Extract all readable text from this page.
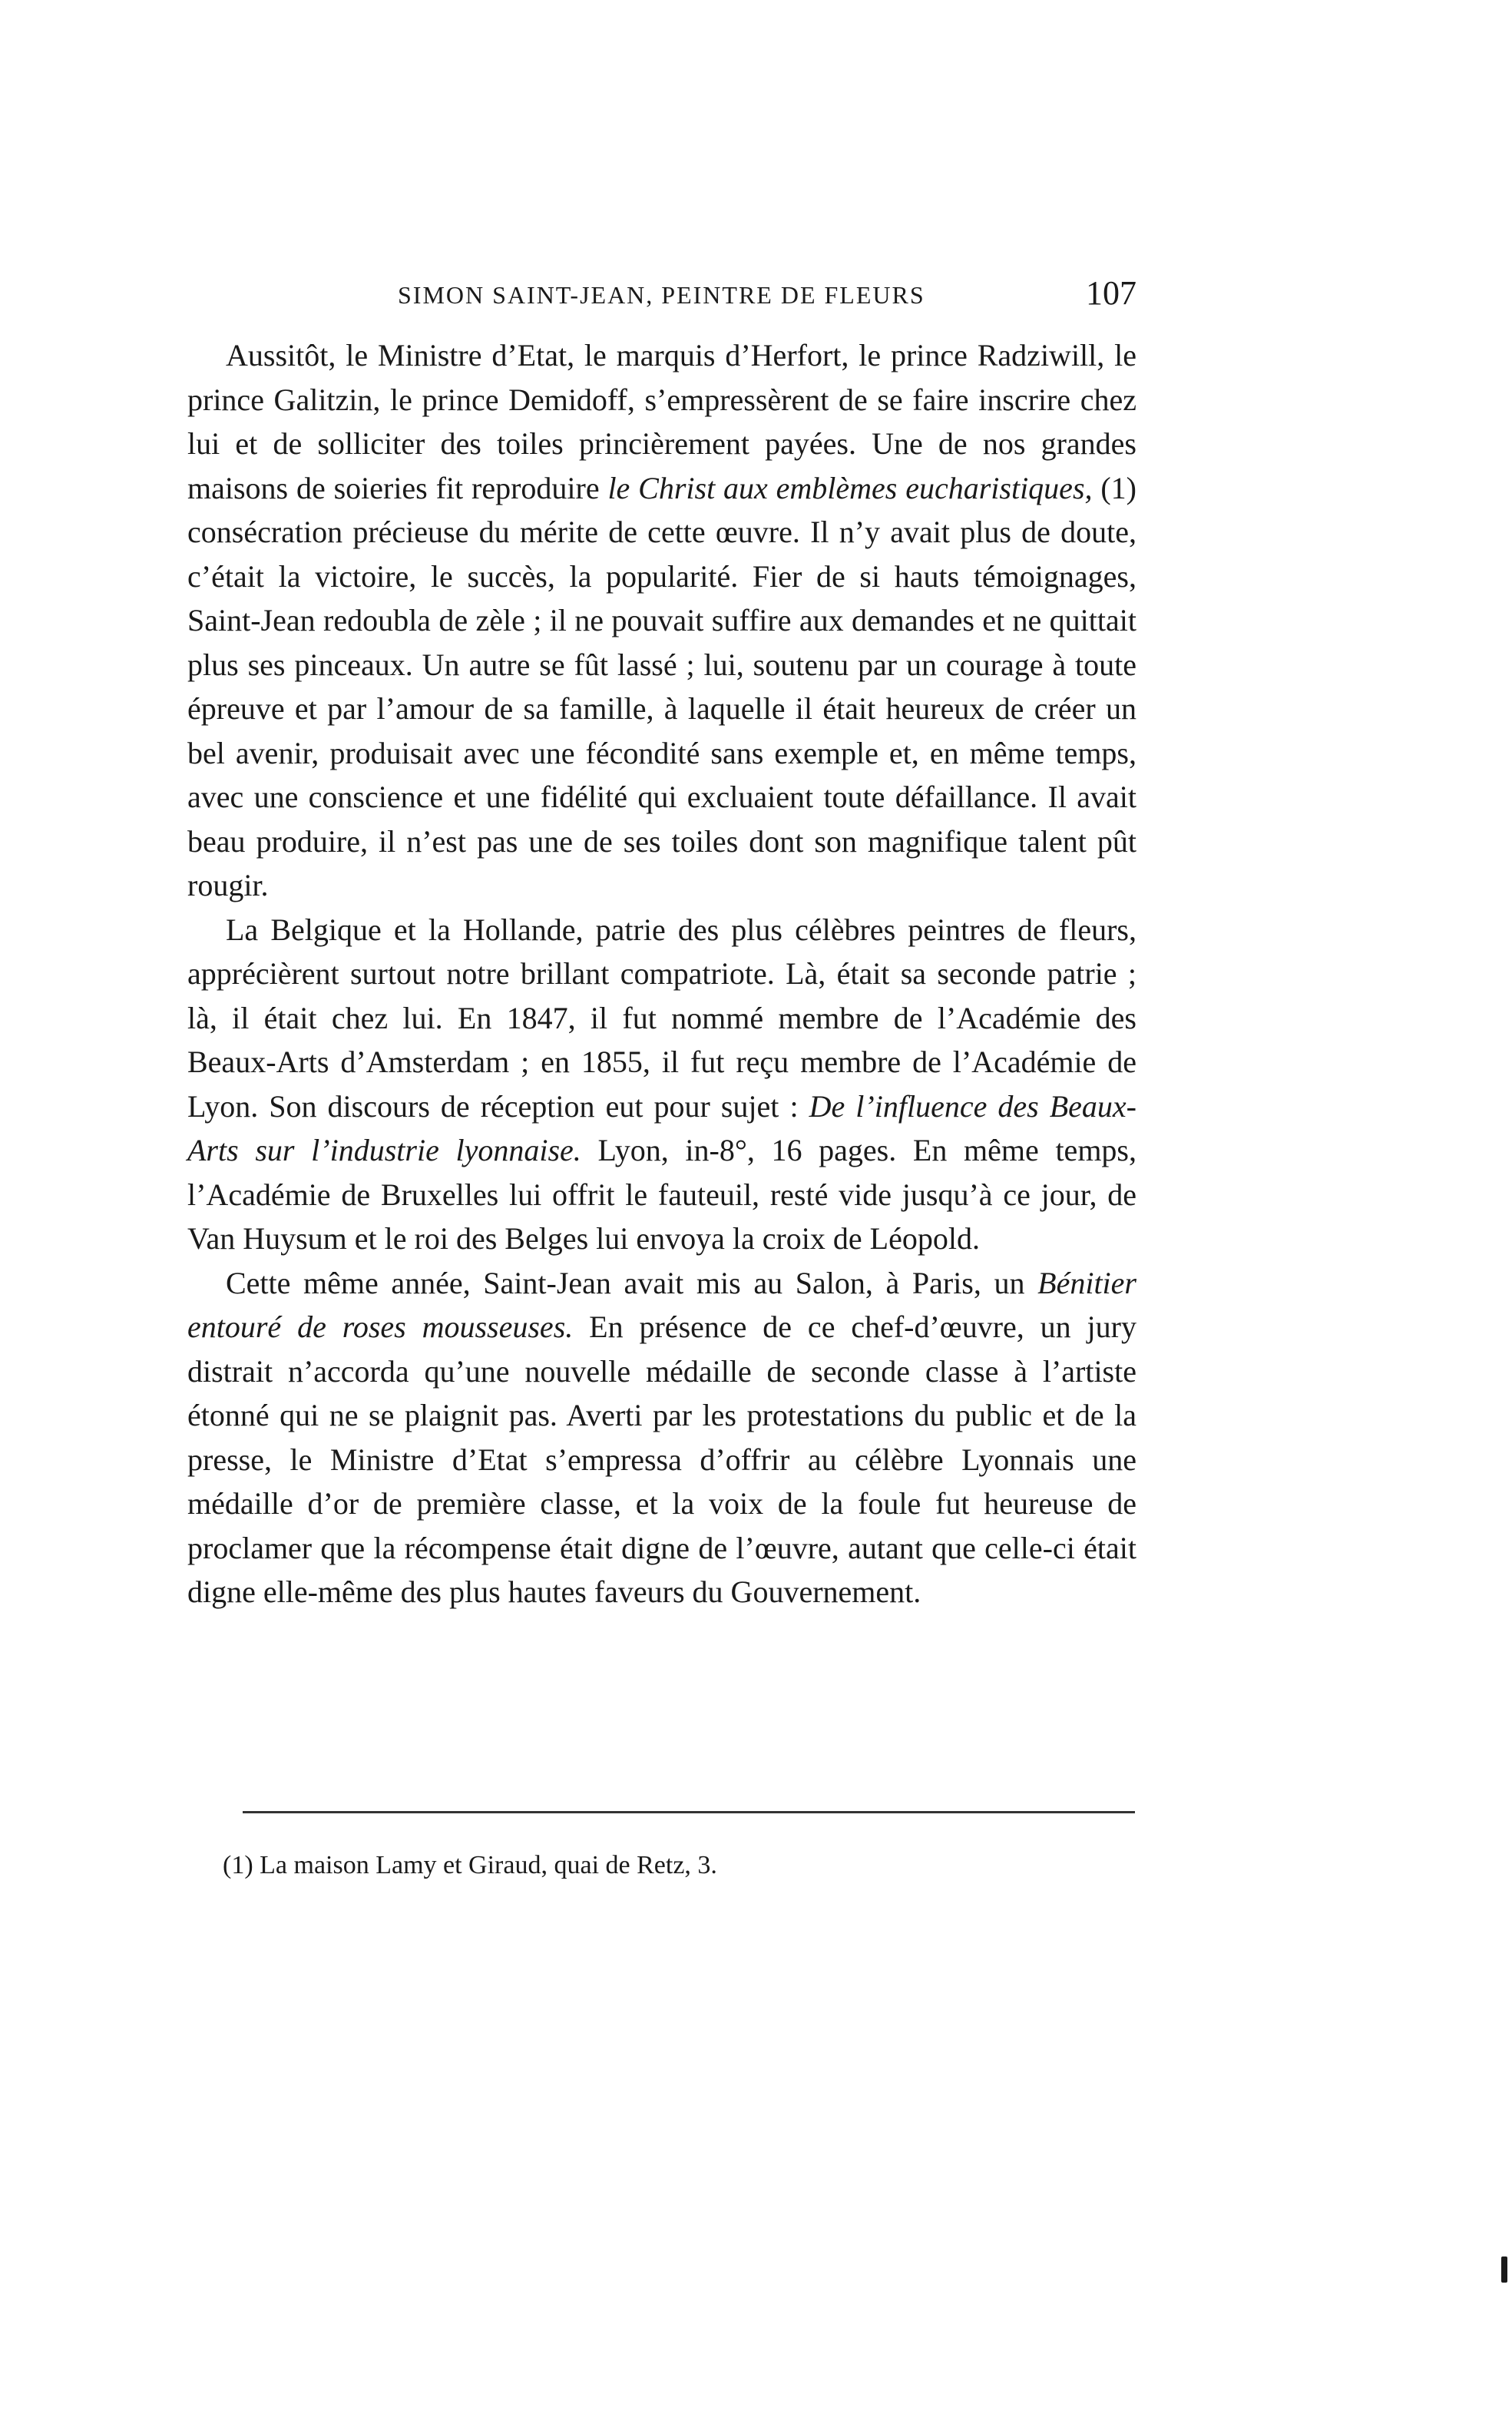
SIMON SAINT-JEAN, PEINTRE DE FLEURS	107

Aussitôt, le Ministre d’Etat, le marquis d’Herfort, le prince Radziwill, le prince Galitzin, le prince Demidoff, s’empressèrent de se faire inscrire chez lui et de solliciter des toiles princièrement payées. Une de nos grandes maisons de soieries fit reproduire le Christ aux emblèmes eucharistiques, (1) consécration précieuse du mérite de cette œuvre. Il n’y avait plus de doute, c’était la victoire, le succès, la popularité. Fier de si hauts témoignages, Saint-Jean redoubla de zèle ; il ne pouvait suffire aux demandes et ne quittait plus ses pinceaux. Un autre se fût lassé ; lui, soutenu par un courage à toute épreuve et par l’amour de sa famille, à laquelle il était heureux de créer un bel avenir, produisait avec une fécondité sans exemple et, en même temps, avec une conscience et une fidélité qui excluaient toute défaillance. Il avait beau produire, il n’est pas une de ses toiles dont son magnifique talent pût rougir.

La Belgique et la Hollande, patrie des plus célèbres peintres de fleurs, apprécièrent surtout notre brillant compatriote. Là, était sa seconde patrie ; là, il était chez lui. En 1847, il fut nommé membre de l’Académie des Beaux-Arts d’Amsterdam ; en 1855, il fut reçu membre de l’Académie de Lyon. Son discours de réception eut pour sujet : De l’influence des Beaux-Arts sur l’industrie lyonnaise. Lyon, in-8°, 16 pages. En même temps, l’Académie de Bruxelles lui offrit le fauteuil, resté vide jusqu’à ce jour, de Van Huysum et le roi des Belges lui envoya la croix de Léopold.

Cette même année, Saint-Jean avait mis au Salon, à Paris, un Bénitier entouré de roses mousseuses. En présence de ce chef-d’œuvre, un jury distrait n’accorda qu’une nouvelle médaille de seconde classe à l’artiste étonné qui ne se plaignit pas. Averti par les protestations du public et de la presse, le Ministre d’Etat s’empressa d’offrir au célèbre Lyonnais une médaille d’or de première classe, et la voix de la foule fut heureuse de proclamer que la récompense était digne de l’œuvre, autant que celle-ci était digne elle-même des plus hautes faveurs du Gouvernement.

(1) La maison Lamy et Giraud, quai de Retz, 3.
